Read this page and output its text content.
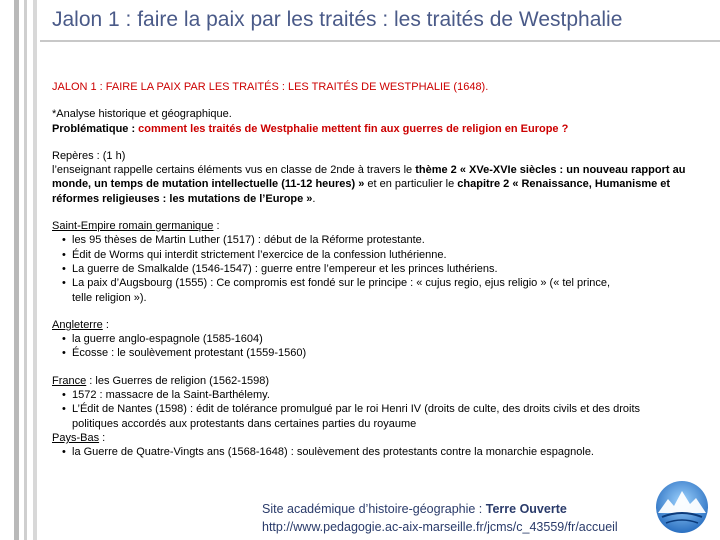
Jalon 1 : faire la paix par les traités : les traités de Westphalie

JALON 1 : FAIRE LA PAIX PAR LES TRAITÉS : LES TRAITÉS DE WESTPHALIE (1648).

*Analyse historique et géographique.

Problématique : comment les traités de Westphalie mettent fin aux guerres de religion en Europe ?

Repères : (1 h)

l’enseignant rappelle certains éléments vus en classe de 2nde à travers le thème 2 « XVe-XVIe siècles : un nouveau rapport au monde, un temps de mutation intellectuelle (11-12 heures) » et en particulier le chapitre 2 « Renaissance, Humanisme et réformes religieuses : les mutations de l’Europe ».

Saint-Empire romain germanique :

• les 95 thèses de Martin Luther (1517) : début de la Réforme protestante.
• Édit de Worms qui interdit strictement l’exercice de la confession luthérienne.
• La guerre de Smalkalde (1546-1547) : guerre entre l’empereur et les princes luthériens.
• La paix d’Augsbourg (1555) : Ce compromis est fondé sur le principe : « cujus regio, ejus religio » (« tel prince,
telle religion »).

Angleterre :

• la guerre anglo-espagnole (1585-1604)
• Écosse : le soulèvement protestant (1559-1560)

France : les Guerres de religion (1562-1598)

• 1572 : massacre de la Saint-Barthélemy.
• L’Édit de Nantes (1598) : édit de tolérance promulgué par le roi Henri IV (droits de culte, des droits civils et des droits
politiques accordés aux protestants dans certaines parties du royaume

Pays-Bas :

• la Guerre de Quatre-Vingts ans (1568-1648) : soulèvement des protestants contre la monarchie espagnole.
Site académique d’histoire-géographie : Terre Ouverte
http://www.pedagogie.ac-aix-marseille.fr/jcms/c_43559/fr/accueil
